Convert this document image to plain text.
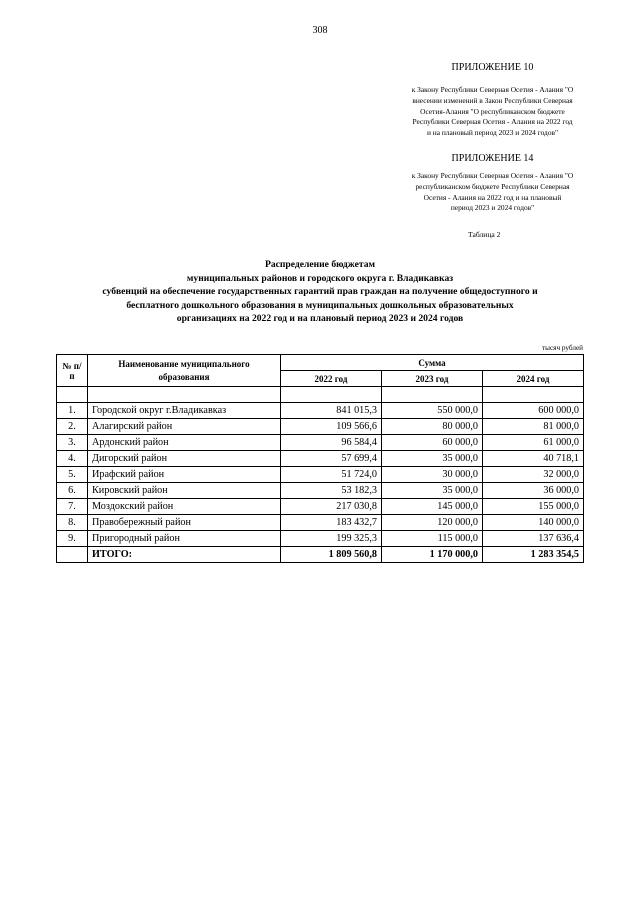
308
ПРИЛОЖЕНИЕ 10
к Закону Республики Северная Осетия - Алания "О
внесении изменений в Закон Республики Северная
Осетия-Алания "О республиканском бюджете
Республики Северная Осетия - Алания на 2022 год
и на плановый период 2023 и 2024 годов"
ПРИЛОЖЕНИЕ 14
к Закону Республики Северная Осетия - Алания "О
республиканском бюджете Республики Северная
Осетия - Алания на 2022 год и на плановый
период 2023 и 2024 годов"
Таблица 2
Распределение бюджетам
муниципальных районов и городского округа г. Владикавказ
субвенций на обеспечение государственных гарантий прав граждан на получение общедоступного и
бесплатного дошкольного образования в муниципальных дошкольных образовательных
организациях на 2022 год и на плановый период 2023 и 2024 годов
тысяч рублей
№ п/п	Наименование муниципального образования	Сумма		
		2022 год	2023 год	2024 год

1.	Городской округ г.Владикавказ	841 015,3	550 000,0	600 000,0
2.	Алагирский район	109 566,6	80 000,0	81 000,0
3.	Ардонский район	96 584,4	60 000,0	61 000,0
4.	Дигорский район	57 699,4	35 000,0	40 718,1
5.	Ирафский район	51 724,0	30 000,0	32 000,0
6.	Кировский район	53 182,3	35 000,0	36 000,0
7.	Моздокский район	217 030,8	145 000,0	155 000,0
8.	Правобережный район	183 432,7	120 000,0	140 000,0
9.	Пригородный район	199 325,3	115 000,0	137 636,4
	ИТОГО:	1 809 560,8	1 170 000,0	1 283 354,5
